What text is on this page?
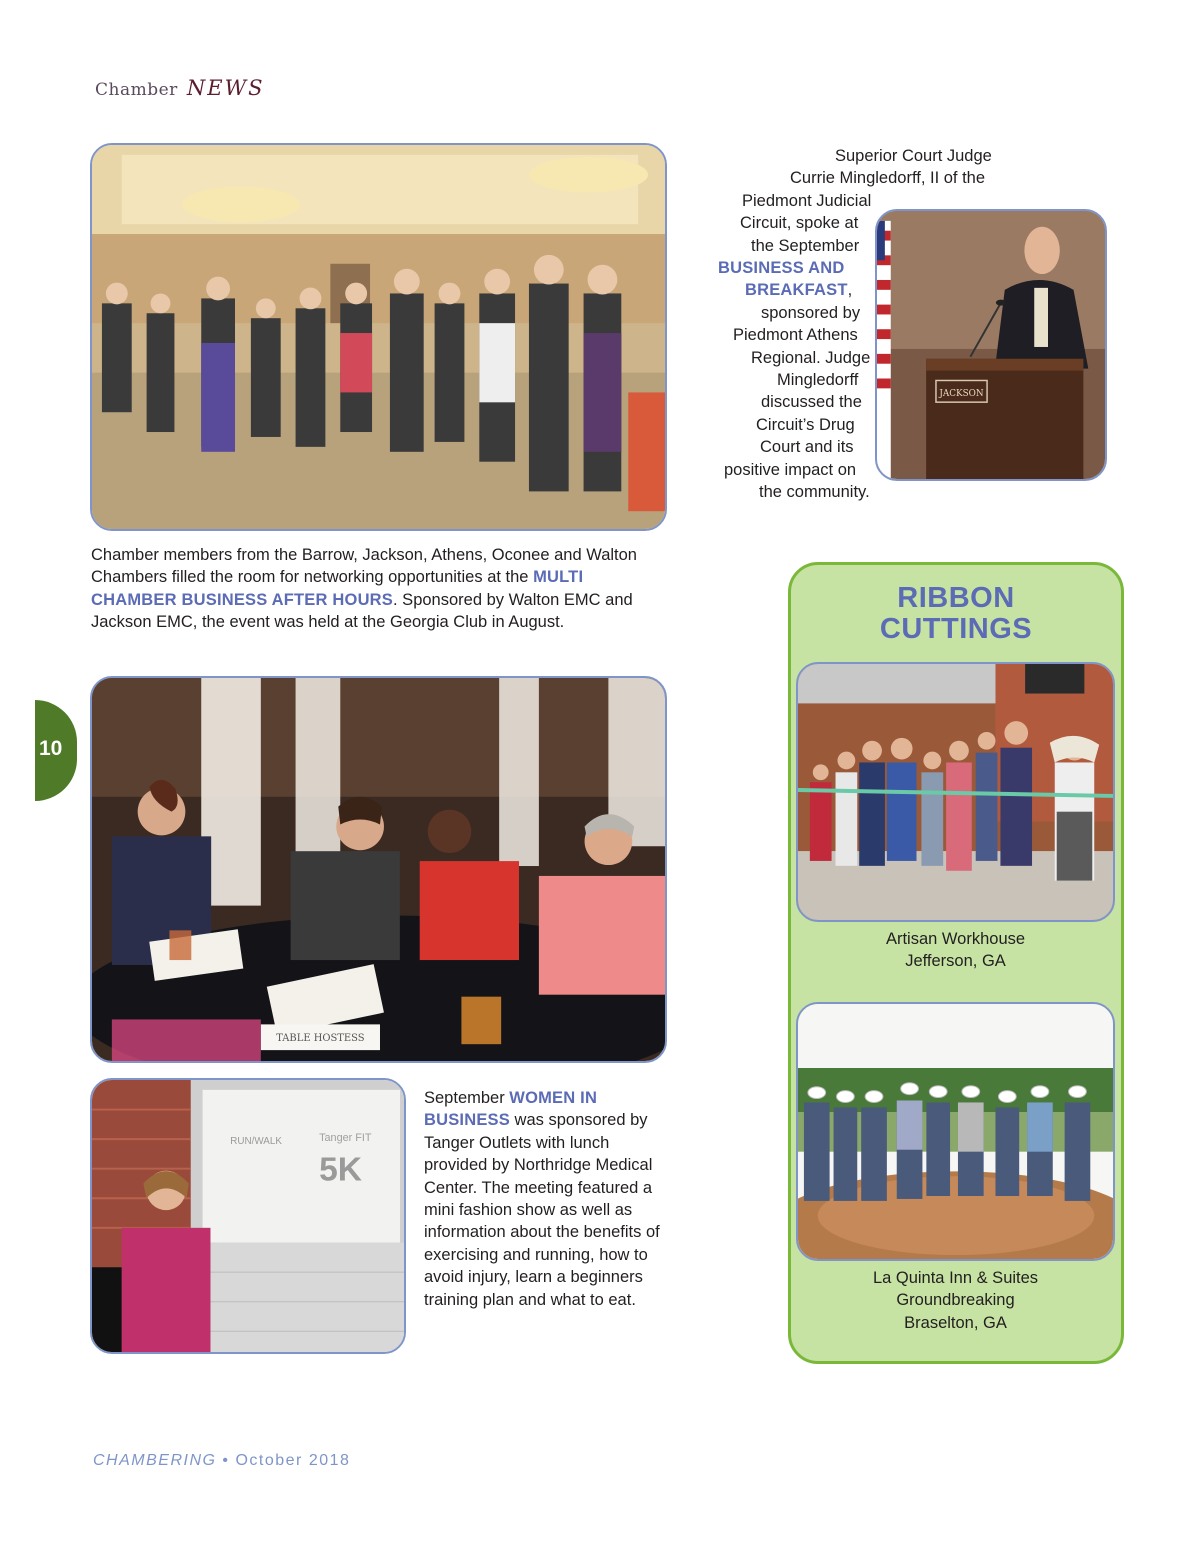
Chamber NEWS
Superior Court Judge
Currie Mingledorff, II of the
Piedmont Judicial
Circuit, spoke at
the September
BUSINESS AND
BREAKFAST,
sponsored by
Piedmont Athens
Regional. Judge
Mingledorff
discussed the
Circuit’s Drug
Court and its
positive impact on
the community.
JACKSON
Chamber members from the Barrow, Jackson, Athens, Oconee and Walton Chambers filled the room for networking opportunities at the MULTI CHAMBER BUSINESS AFTER HOURS. Sponsored by Walton EMC and Jackson EMC, the event was held at the Georgia Club in August.
10
TABLE HOSTESS
RUN/WALK	Tanger FIT
5K
September WOMEN IN BUSINESS was sponsored by Tanger Outlets with lunch provided by Northridge Medical Center. The meeting featured a mini fashion show as well as information about the benefits of exercising and running, how to avoid injury, learn a beginners training plan and what to eat.
RIBBON
CUTTINGS
Artisan Workhouse
Jefferson, GA
La Quinta Inn & Suites
Groundbreaking
Braselton, GA
CHAMBERING • October 2018
